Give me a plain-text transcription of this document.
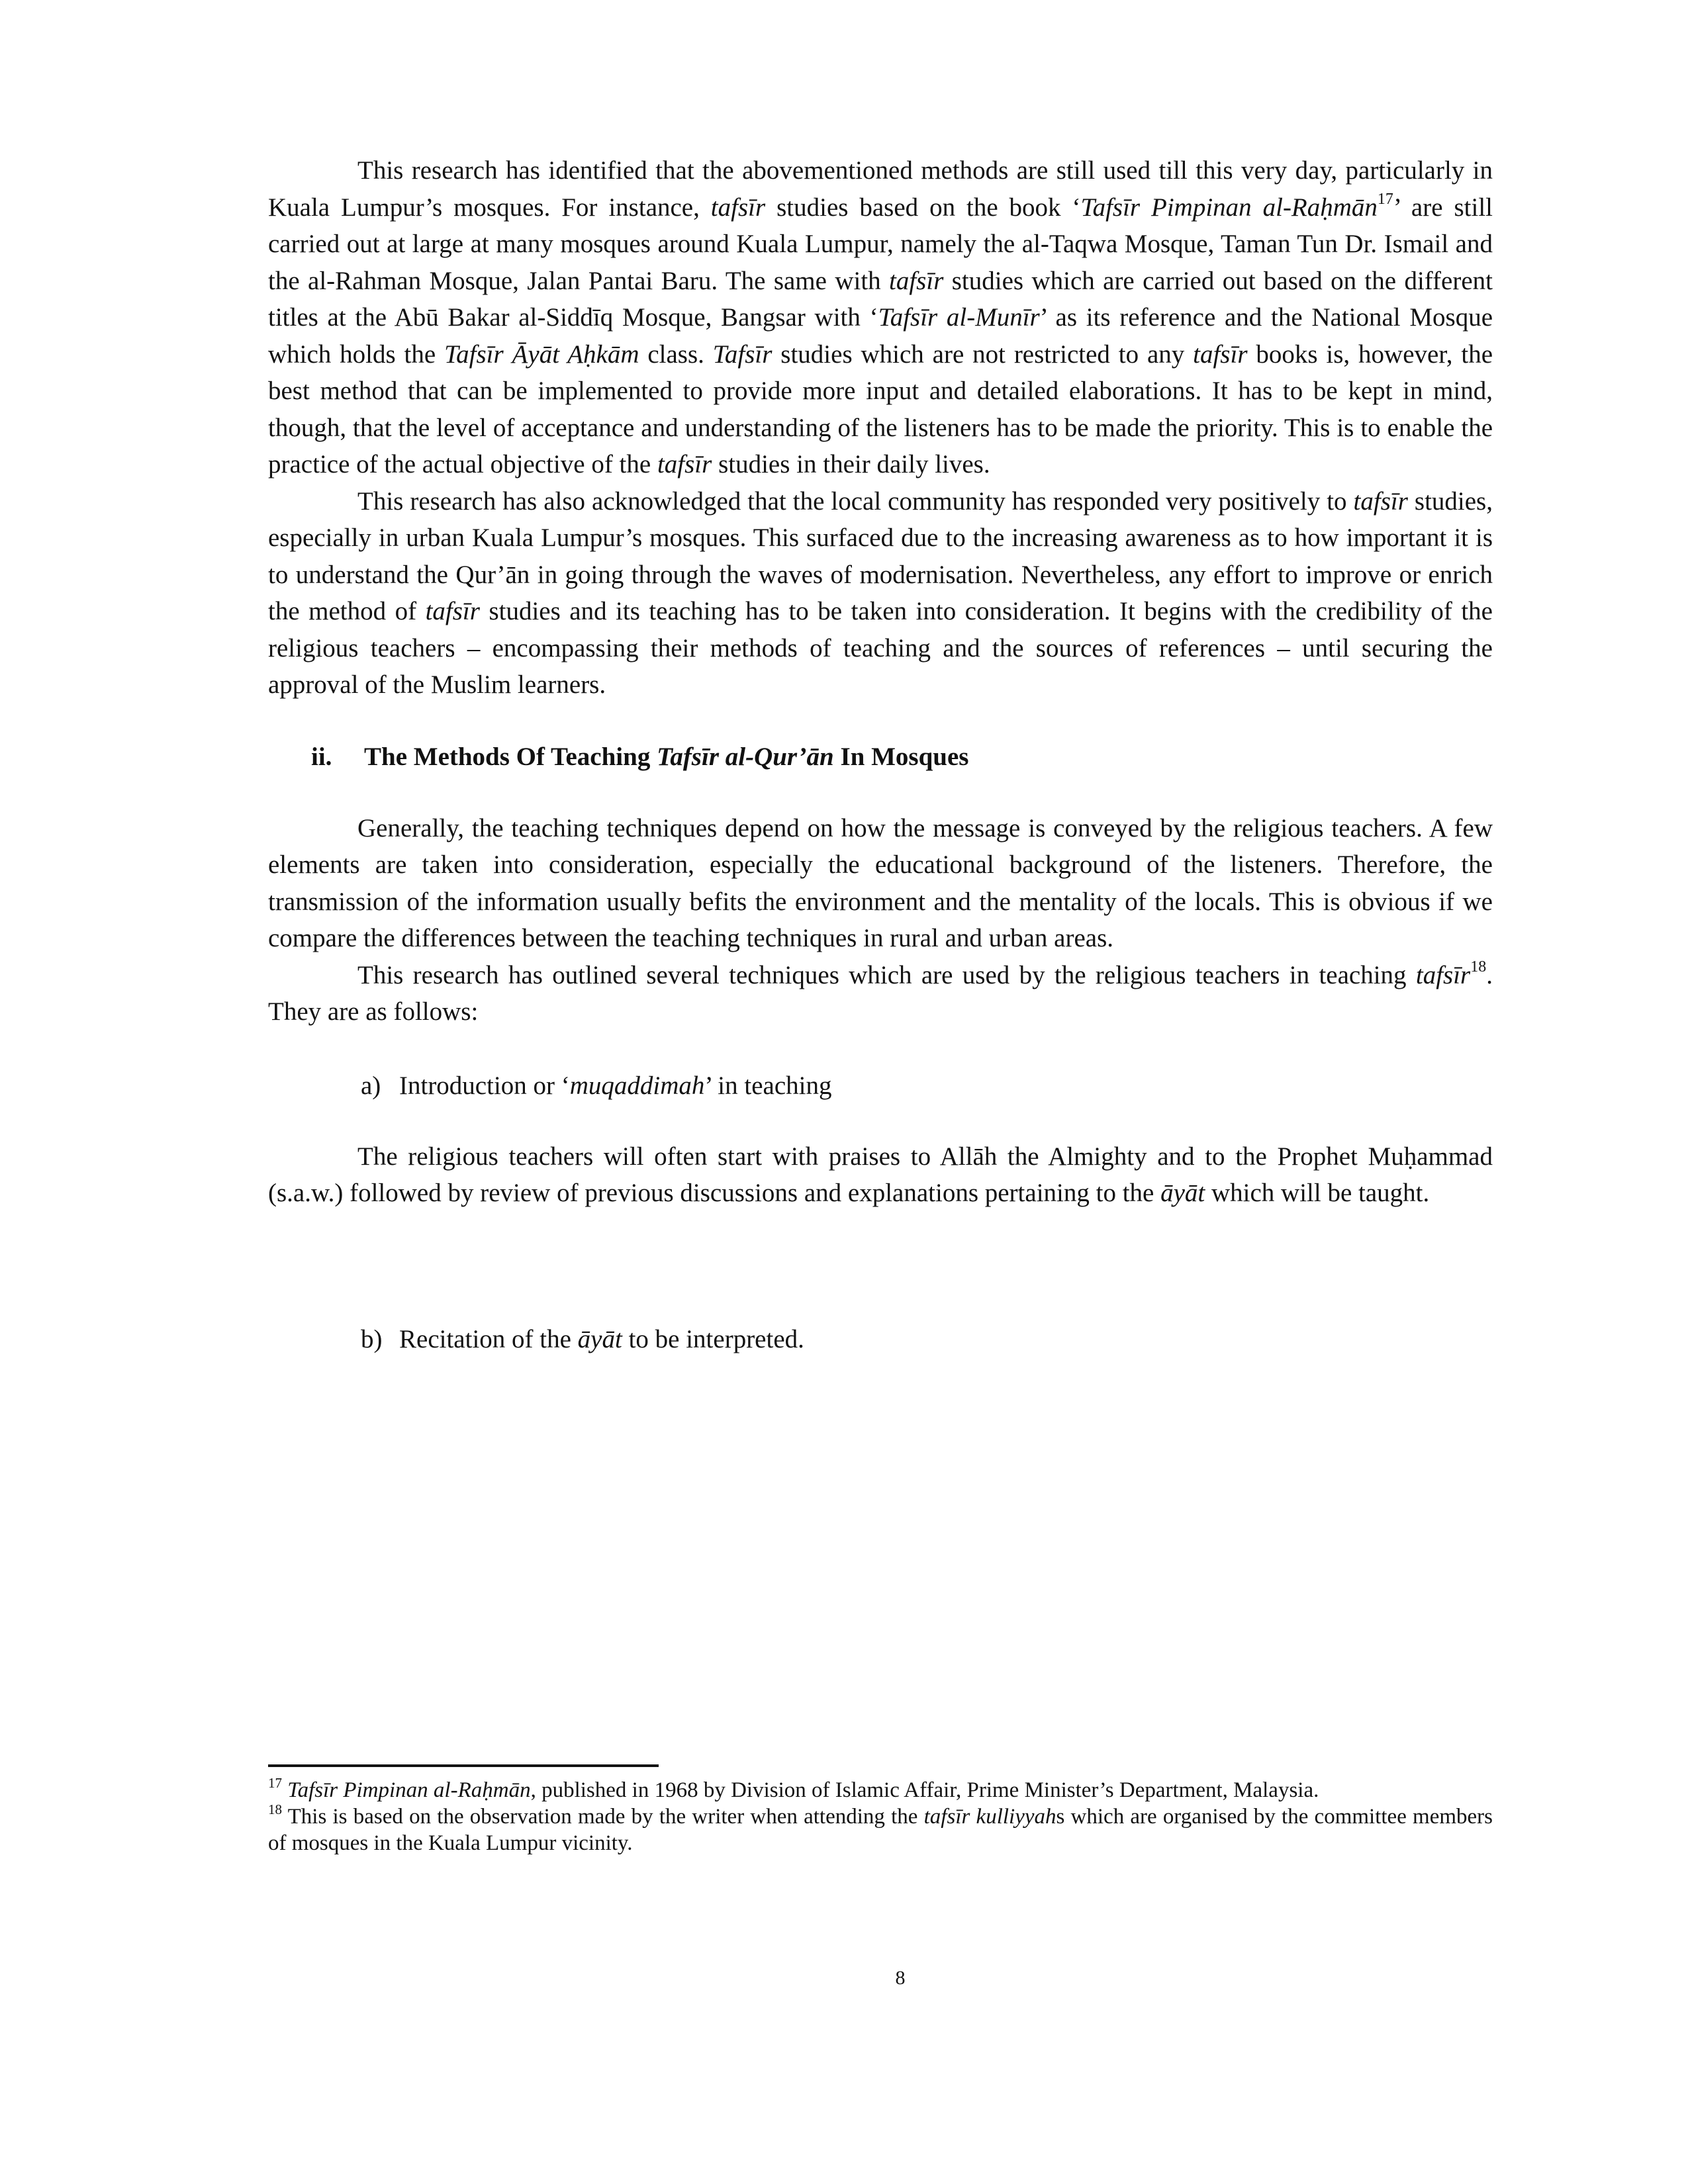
This research has identified that the abovementioned methods are still used till this very day, particularly in Kuala Lumpur’s mosques. For instance, tafsīr studies based on the book ‘Tafsīr Pimpinan al-Raḥmān$^{17}$’ are still carried out at large at many mosques around Kuala Lumpur, namely the al-Taqwa Mosque, Taman Tun Dr. Ismail and the al-Rahman Mosque, Jalan Pantai Baru. The same with tafsīr studies which are carried out based on the different titles at the Abū Bakar al-Siddīq Mosque, Bangsar with ‘Tafsīr al-Munīr’ as its reference and the National Mosque which holds the Tafsīr Āyāt Aḥkām class. Tafsīr studies which are not restricted to any tafsīr books is, however, the best method that can be implemented to provide more input and detailed elaborations. It has to be kept in mind, though, that the level of acceptance and understanding of the listeners has to be made the priority. This is to enable the practice of the actual objective of the tafsīr studies in their daily lives.

This research has also acknowledged that the local community has responded very positively to tafsīr studies, especially in urban Kuala Lumpur’s mosques. This surfaced due to the increasing awareness as to how important it is to understand the Qur’ān in going through the waves of modernisation. Nevertheless, any effort to improve or enrich the method of tafsīr studies and its teaching has to be taken into consideration. It begins with the credibility of the religious teachers – encompassing their methods of teaching and the sources of references – until securing the approval of the Muslim learners.

ii.	The Methods Of Teaching Tafsīr al-Qur’ān In Mosques

Generally, the teaching techniques depend on how the message is conveyed by the religious teachers. A few elements are taken into consideration, especially the educational background of the listeners. Therefore, the transmission of the information usually befits the environment and the mentality of the locals. This is obvious if we compare the differences between the teaching techniques in rural and urban areas.

This research has outlined several techniques which are used by the religious teachers in teaching tafsīr$^{18}$. They are as follows:

a) Introduction or ‘muqaddimah’ in teaching

The religious teachers will often start with praises to Allāh the Almighty and to the Prophet Muḥammad (s.a.w.) followed by review of previous discussions and explanations pertaining to the āyāt which will be taught.

b) Recitation of the āyāt to be interpreted.

$^{17}$ Tafsīr Pimpinan al-Raḥmān, published in 1968 by Division of Islamic Affair, Prime Minister’s Department, Malaysia.

$^{18}$ This is based on the observation made by the writer when attending the tafsīr kulliyyahs which are organised by the committee members of mosques in the Kuala Lumpur vicinity.

8
